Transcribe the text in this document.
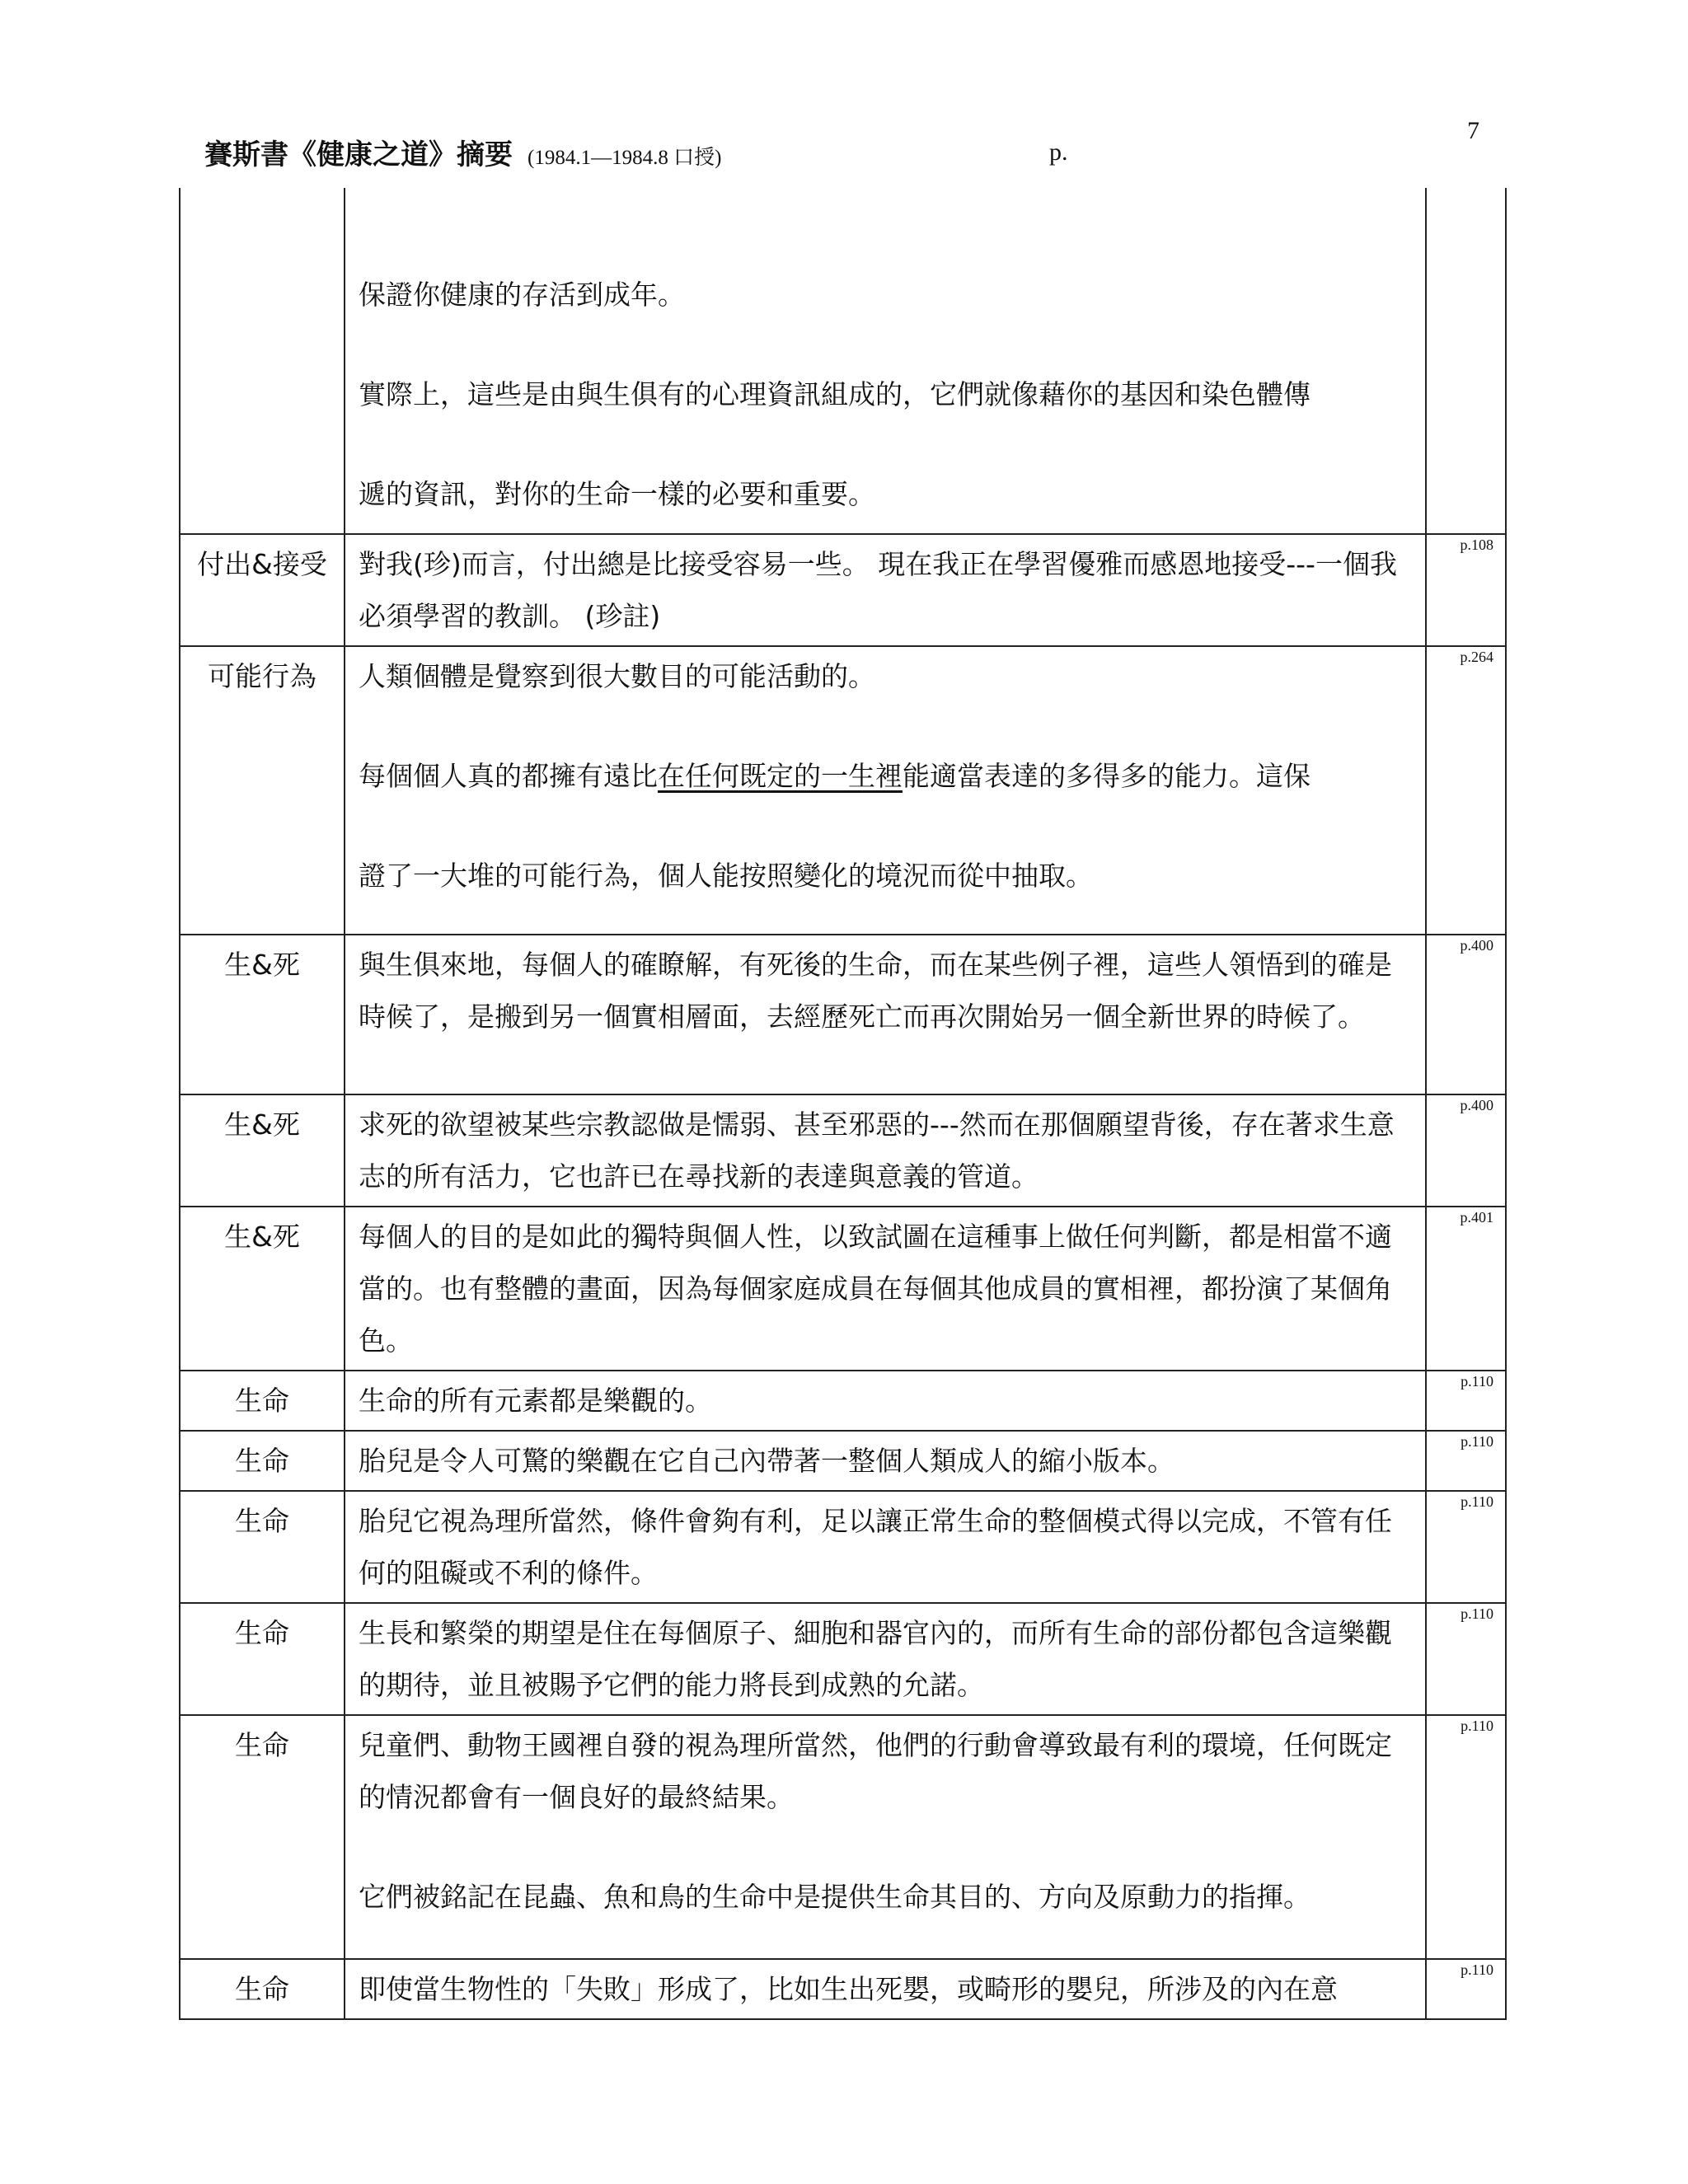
7
賽斯書《健康之道》摘要 (1984.1—1984.8 口授)	p.

	保證你健康的存活到成年。

實際上，這些是由與生俱有的心理資訊組成的，它們就像藉你的基因和染色體傳

遞的資訊，對你的生命一樣的必要和重要。	

付出&接受	對我(珍)而言，付出總是比接受容易一些。 現在我正在學習優雅而感恩地接受---一個我必須學習的教訓。 (珍註)	p.108
可能行為	人類個體是覺察到很大數目的可能活動的。

每個個人真的都擁有遠比在任何既定的一生裡能適當表達的多得多的能力。這保

證了一大堆的可能行為，個人能按照變化的境況而從中抽取。	p.264
生&死	與生俱來地，每個人的確瞭解，有死後的生命，而在某些例子裡，這些人領悟到的確是時候了，是搬到另一個實相層面，去經歷死亡而再次開始另一個全新世界的時候了。	p.400
生&死	求死的欲望被某些宗教認做是懦弱、甚至邪惡的---然而在那個願望背後，存在著求生意志的所有活力，它也許已在尋找新的表達與意義的管道。	p.400
生&死	每個人的目的是如此的獨特與個人性，以致試圖在這種事上做任何判斷，都是相當不適當的。也有整體的畫面，因為每個家庭成員在每個其他成員的實相裡，都扮演了某個角色。	p.401
生命	生命的所有元素都是樂觀的。	p.110
生命	胎兒是令人可驚的樂觀在它自己內帶著一整個人類成人的縮小版本。	p.110
生命	胎兒它視為理所當然，條件會夠有利，足以讓正常生命的整個模式得以完成，不管有任何的阻礙或不利的條件。	p.110
生命	生長和繁榮的期望是住在每個原子、細胞和器官內的，而所有生命的部份都包含這樂觀的期待，並且被賜予它們的能力將長到成熟的允諾。	p.110
生命	兒童們、動物王國裡自發的視為理所當然，他們的行動會導致最有利的環境，任何既定的情況都會有一個良好的最終結果。

它們被銘記在昆蟲、魚和鳥的生命中是提供生命其目的、方向及原動力的指揮。	p.110
生命	即使當生物性的「失敗」形成了，比如生出死嬰，或畸形的嬰兒，所涉及的內在意	p.110
